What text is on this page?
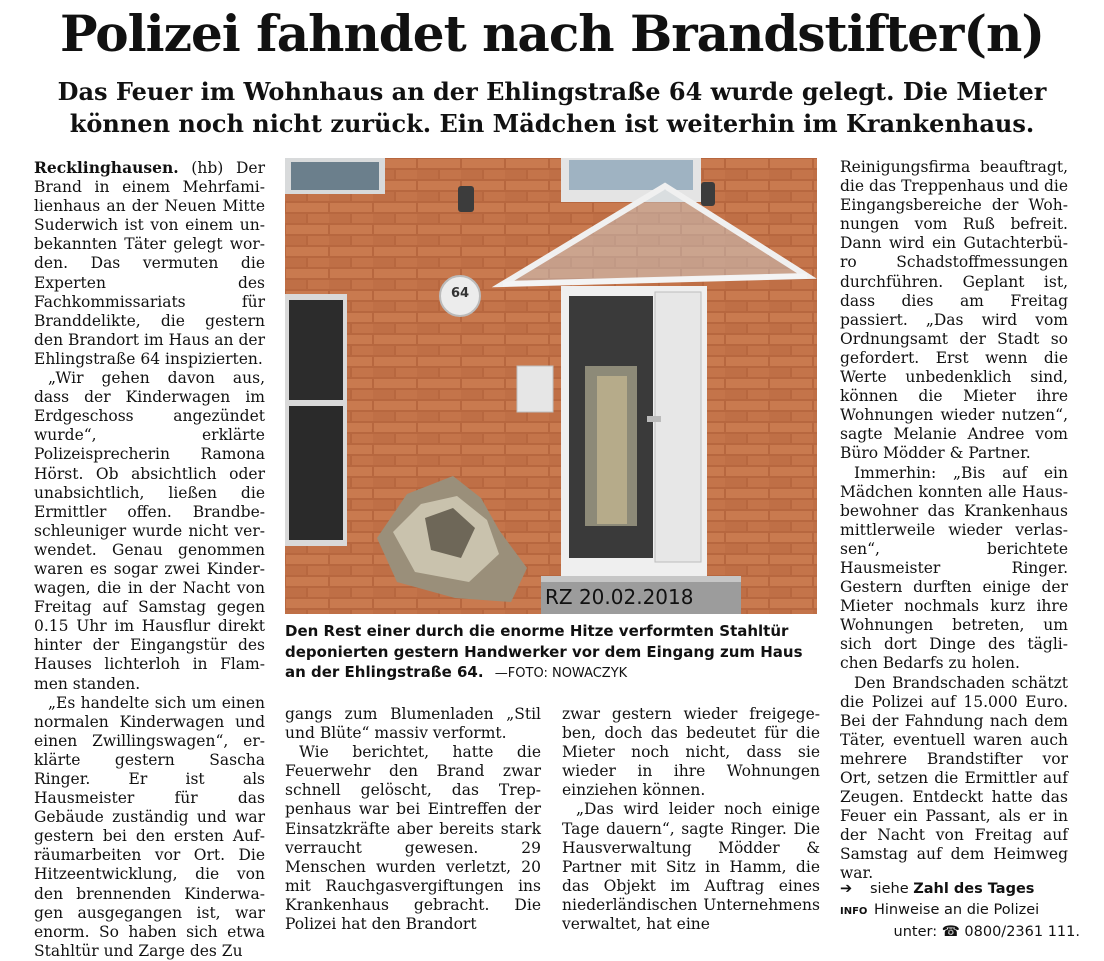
Polizei fahndet nach Brandstifter(n)
Das Feuer im Wohnhaus an der Ehlingstraße 64 wurde gelegt. Die Mieter können noch nicht zurück. Ein Mädchen ist weiterhin im Krankenhaus.

Recklinghausen. (hb) Der Brand in einem Mehrfamilienhaus an der Neuen Mitte Suderwich ist von einem unbekannten Täter gelegt worden. Das vermuten die Experten des Fachkommissariats für Branddelikte, die gestern den Brandort im Haus an der Ehlingstraße 64 inspizierten.

„Wir gehen davon aus, dass der Kinderwagen im Erdgeschoss angezündet wurde“, erklärte Polizeisprecherin Ramona Hörst. Ob absichtlich oder unabsichtlich, ließen die Ermittler offen. Brandbeschleuniger wurde nicht verwendet. Genau genommen waren es sogar zwei Kinderwagen, die in der Nacht von Freitag auf Samstag gegen 0.15 Uhr im Hausflur direkt hinter der Eingangstür des Hauses lichterloh in Flammen standen.

„Es handelte sich um einen normalen Kinderwagen und einen Zwillingswagen“, erklärte gestern Sascha Ringer. Er ist als Hausmeister für das Gebäude zuständig und war gestern bei den ersten Aufräumarbeiten vor Ort. Die Hitzeentwicklung, die von den brennenden Kinderwagen ausgegangen ist, war enorm. So haben sich etwa Stahltür und Zarge des Zu

64
RZ 20.02.2018
Den Rest einer durch die enorme Hitze verformten Stahltür deponierten gestern Handwerker vor dem Eingang zum Haus an der Ehlingstraße 64. —FOTO: NOWACZYK

gangs zum Blumenladen „Stil und Blüte“ massiv verformt.

Wie berichtet, hatte die Feuerwehr den Brand zwar schnell gelöscht, das Treppenhaus war bei Eintreffen der Einsatzkräfte aber bereits stark verraucht gewesen. 29 Menschen wurden verletzt, 20 mit Rauchgasvergiftungen ins Krankenhaus gebracht. Die Polizei hat den Brandort

zwar gestern wieder freigegeben, doch das bedeutet für die Mieter noch nicht, dass sie wieder in ihre Wohnungen einziehen können.

„Das wird leider noch einige Tage dauern“, sagte Ringer. Die Hausverwaltung Mödder & Partner mit Sitz in Hamm, die das Objekt im Auftrag eines niederländischen Unternehmens verwaltet, hat eine

Reinigungsfirma beauftragt, die das Treppenhaus und die Eingangsbereiche der Wohnungen vom Ruß befreit. Dann wird ein Gutachterbüro Schadstoffmessungen durchführen. Geplant ist, dass dies am Freitag passiert. „Das wird vom Ordnungsamt der Stadt so gefordert. Erst wenn die Werte unbedenklich sind, können die Mieter ihre Wohnungen wieder nutzen“, sagte Melanie Andree vom Büro Mödder & Partner.

Immerhin: „Bis auf ein Mädchen konnten alle Hausbewohner das Krankenhaus mittlerweile wieder verlassen“, berichtete Hausmeister Ringer. Gestern durften einige der Mieter nochmals kurz ihre Wohnungen betreten, um sich dort Dinge des täglichen Bedarfs zu holen.

Den Brandschaden schätzt die Polizei auf 15.000 Euro. Bei der Fahndung nach dem Täter, eventuell waren auch mehrere Brandstifter vor Ort, setzen die Ermittler auf Zeugen. Entdeckt hatte das Feuer ein Passant, als er in der Nacht von Freitag auf Samstag auf dem Heimweg war.

➔ siehe Zahl des Tages
INFO Hinweise an die Polizei
unter: ☎ 0800/2361 111.
